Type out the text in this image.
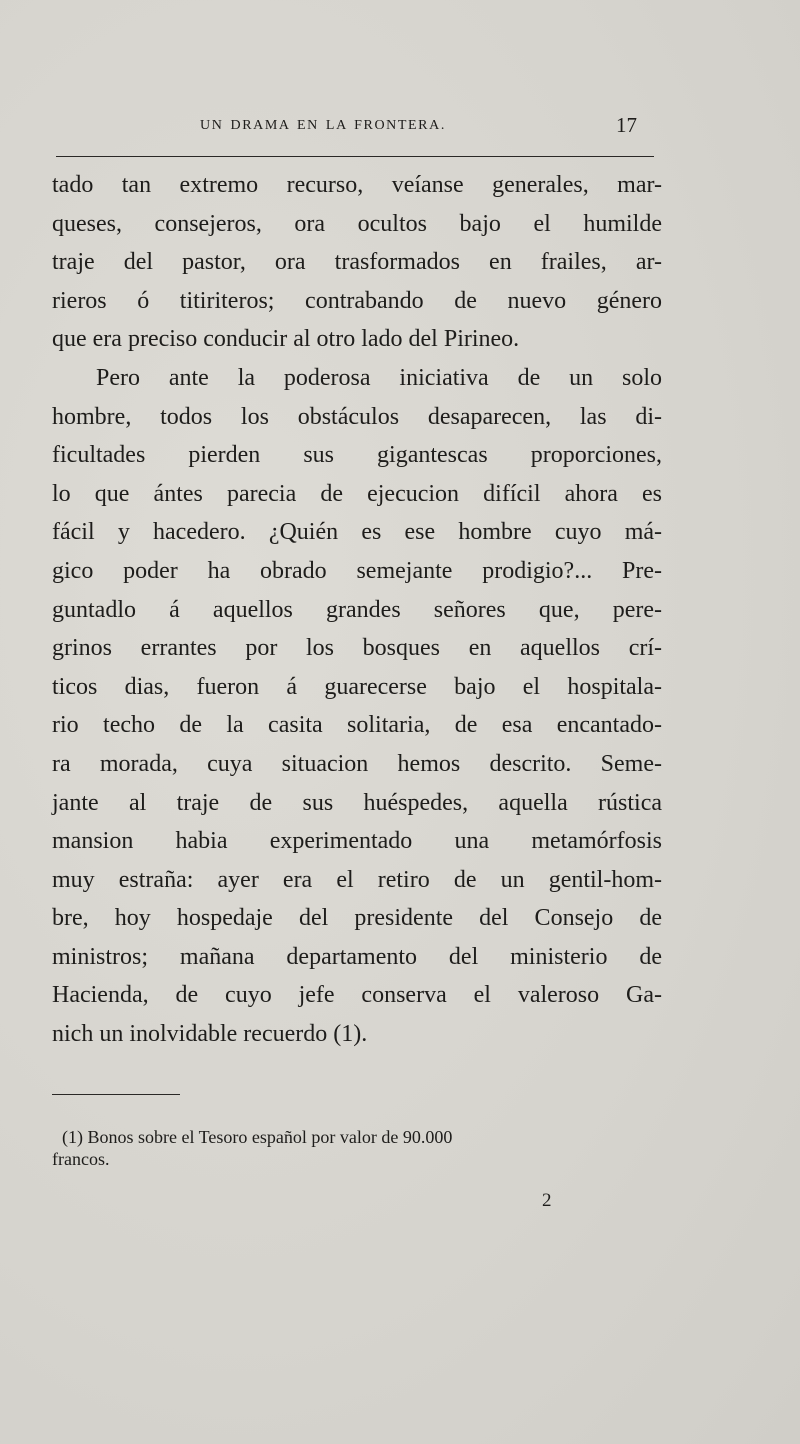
UN DRAMA EN LA FRONTERA.	17
tado tan extremo recurso, veíanse generales, mar-
queses, consejeros, ora ocultos bajo el humilde
traje del pastor, ora trasformados en frailes, ar-
rieros ó titiriteros; contrabando de nuevo género
que era preciso conducir al otro lado del Pirineo.
Pero ante la poderosa iniciativa de un solo
hombre, todos los obstáculos desaparecen, las di-
ficultades pierden sus gigantescas proporciones,
lo que ántes parecia de ejecucion difícil ahora es
fácil y hacedero. ¿Quién es ese hombre cuyo má-
gico poder ha obrado semejante prodigio?... Pre-
guntadlo á aquellos grandes señores que, pere-
grinos errantes por los bosques en aquellos crí-
ticos dias, fueron á guarecerse bajo el hospitala-
rio techo de la casita solitaria, de esa encantado-
ra morada, cuya situacion hemos descrito. Seme-
jante al traje de sus huéspedes, aquella rústica
mansion habia experimentado una metamórfosis
muy estraña: ayer era el retiro de un gentil-hom-
bre, hoy hospedaje del presidente del Consejo de
ministros; mañana departamento del ministerio de
Hacienda, de cuyo jefe conserva el valeroso Ga-
nich un inolvidable recuerdo (1).
(1) Bonos sobre el Tesoro español por valor de 90.000
francos.
2
